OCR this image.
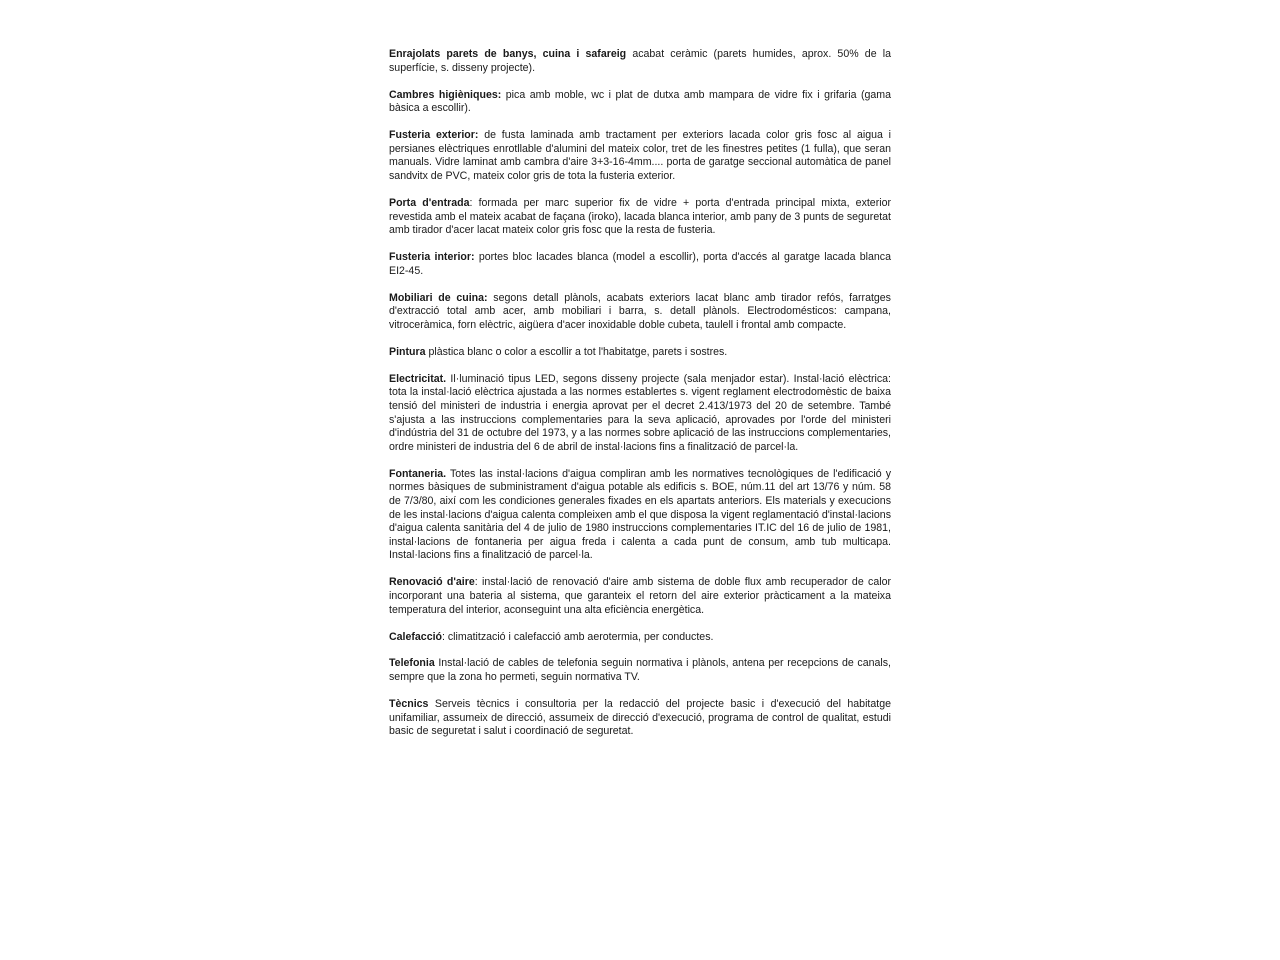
Enrajolats parets de banys, cuina i safareig acabat ceràmic (parets humides, aprox. 50% de la superfície, s. disseny projecte).

Cambres higièniques: pica amb moble, wc i plat de dutxa amb mampara de vidre fix i grifaria (gama bàsica a escollir).

Fusteria exterior: de fusta laminada amb tractament per exteriors lacada color gris fosc al aigua i persianes elèctriques enrotllable d'alumini del mateix color, tret de les finestres petites (1 fulla), que seran manuals. Vidre laminat amb cambra d'aire 3+3-16-4mm.... porta de garatge seccional automàtica de panel sandvitx de PVC, mateix color gris de tota la fusteria exterior.

Porta d'entrada: formada per marc superior fix de vidre + porta d'entrada principal mixta, exterior revestida amb el mateix acabat de façana (iroko), lacada blanca interior, amb pany de 3 punts de seguretat amb tirador d'acer lacat mateix color gris fosc que la resta de fusteria.

Fusteria interior: portes bloc lacades blanca (model a escollir), porta d'accés al garatge lacada blanca EI2-45.

Mobiliari de cuina: segons detall plànols, acabats exteriors lacat blanc amb tirador refós, farratges d'extracció total amb acer, amb mobiliari i barra, s. detall plànols. Electrodomésticos: campana, vitroceràmica, forn elèctric, aigüera d'acer inoxidable doble cubeta, taulell i frontal amb compacte.

Pintura plàstica blanc o color a escollir a tot l'habitatge, parets i sostres.

Electricitat. Il·luminació tipus LED, segons disseny projecte (sala menjador estar). Instal·lació elèctrica: tota la instal·lació elèctrica ajustada a las normes establertes s. vigent reglament electrodomèstic de baixa tensió del ministeri de industria i energia aprovat per el decret 2.413/1973 del 20 de setembre. També s'ajusta a las instruccions complementaries para la seva aplicació, aprovades por l'orde del ministeri d'indústria del 31 de octubre del 1973, y a las normes sobre aplicació de las instruccions complementaries, ordre ministeri de industria del 6 de abril de instal·lacions fins a finalització de parcel·la.

Fontaneria. Totes las instal·lacions d'aigua compliran amb les normatives tecnològiques de l'edificació y normes bàsiques de subministrament d'aigua potable als edificis s. BOE, núm.11 del art 13/76 y núm. 58 de 7/3/80, així com les condiciones generales fixades en els apartats anteriors. Els materials y execucions de les instal·lacions d'aigua calenta compleixen amb el que disposa la vigent reglamentació d'instal·lacions d'aigua calenta sanitària del 4 de julio de 1980 instruccions complementaries IT.IC del 16 de julio de 1981, instal·lacions de fontaneria per aigua freda i calenta a cada punt de consum, amb tub multicapa. Instal·lacions fins a finalització de parcel·la.

Renovació d'aire: instal·lació de renovació d'aire amb sistema de doble flux amb recuperador de calor incorporant una bateria al sistema, que garanteix el retorn del aire exterior pràcticament a la mateixa temperatura del interior, aconseguint una alta eficiència energètica.

Calefacció: climatització i calefacció amb aerotermia, per conductes.

Telefonia Instal·lació de cables de telefonia seguin normativa i plànols, antena per recepcions de canals, sempre que la zona ho permeti, seguin normativa TV.

Tècnics Serveis tècnics i consultoria per la redacció del projecte basic i d'execució del habitatge unifamiliar, assumeix de direcció, assumeix de direcció d'execució, programa de control de qualitat, estudi basic de seguretat i salut i coordinació de seguretat.
